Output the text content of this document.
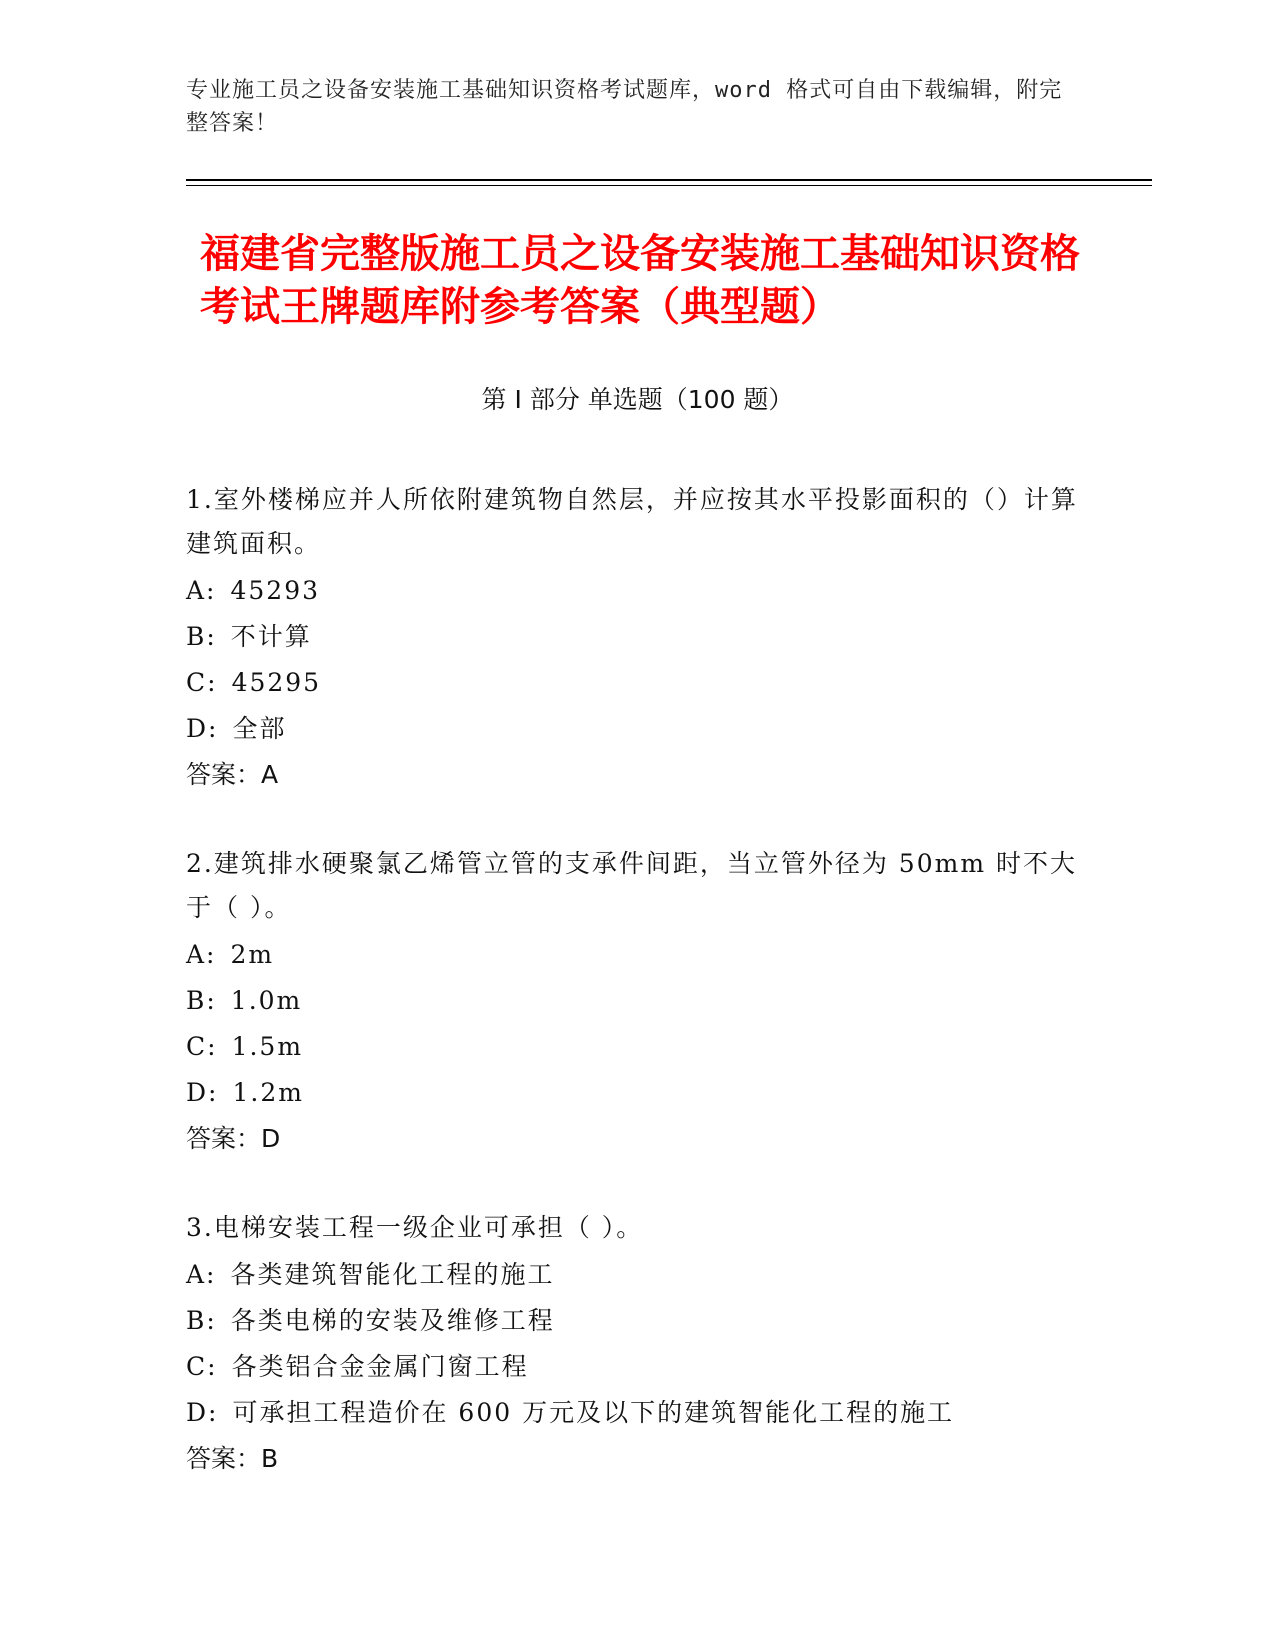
专业施工员之设备安装施工基础知识资格考试题库，word 格式可自由下载编辑，附完整答案！
福建省完整版施工员之设备安装施工基础知识资格考试王牌题库附参考答案（典型题）
第 I 部分 单选题（100 题）
1.室外楼梯应并人所依附建筑物自然层，并应按其水平投影面积的（）计算建筑面积。
A: 45293
B: 不计算
C: 45295
D: 全部
答案：A
2.建筑排水硬聚氯乙烯管立管的支承件间距，当立管外径为 50mm 时不大于（ ）。
A: 2m
B: 1.0m
C: 1.5m
D: 1.2m
答案：D
3.电梯安装工程一级企业可承担（ ）。
A: 各类建筑智能化工程的施工
B: 各类电梯的安装及维修工程
C: 各类铝合金金属门窗工程
D: 可承担工程造价在 600 万元及以下的建筑智能化工程的施工
答案：B
